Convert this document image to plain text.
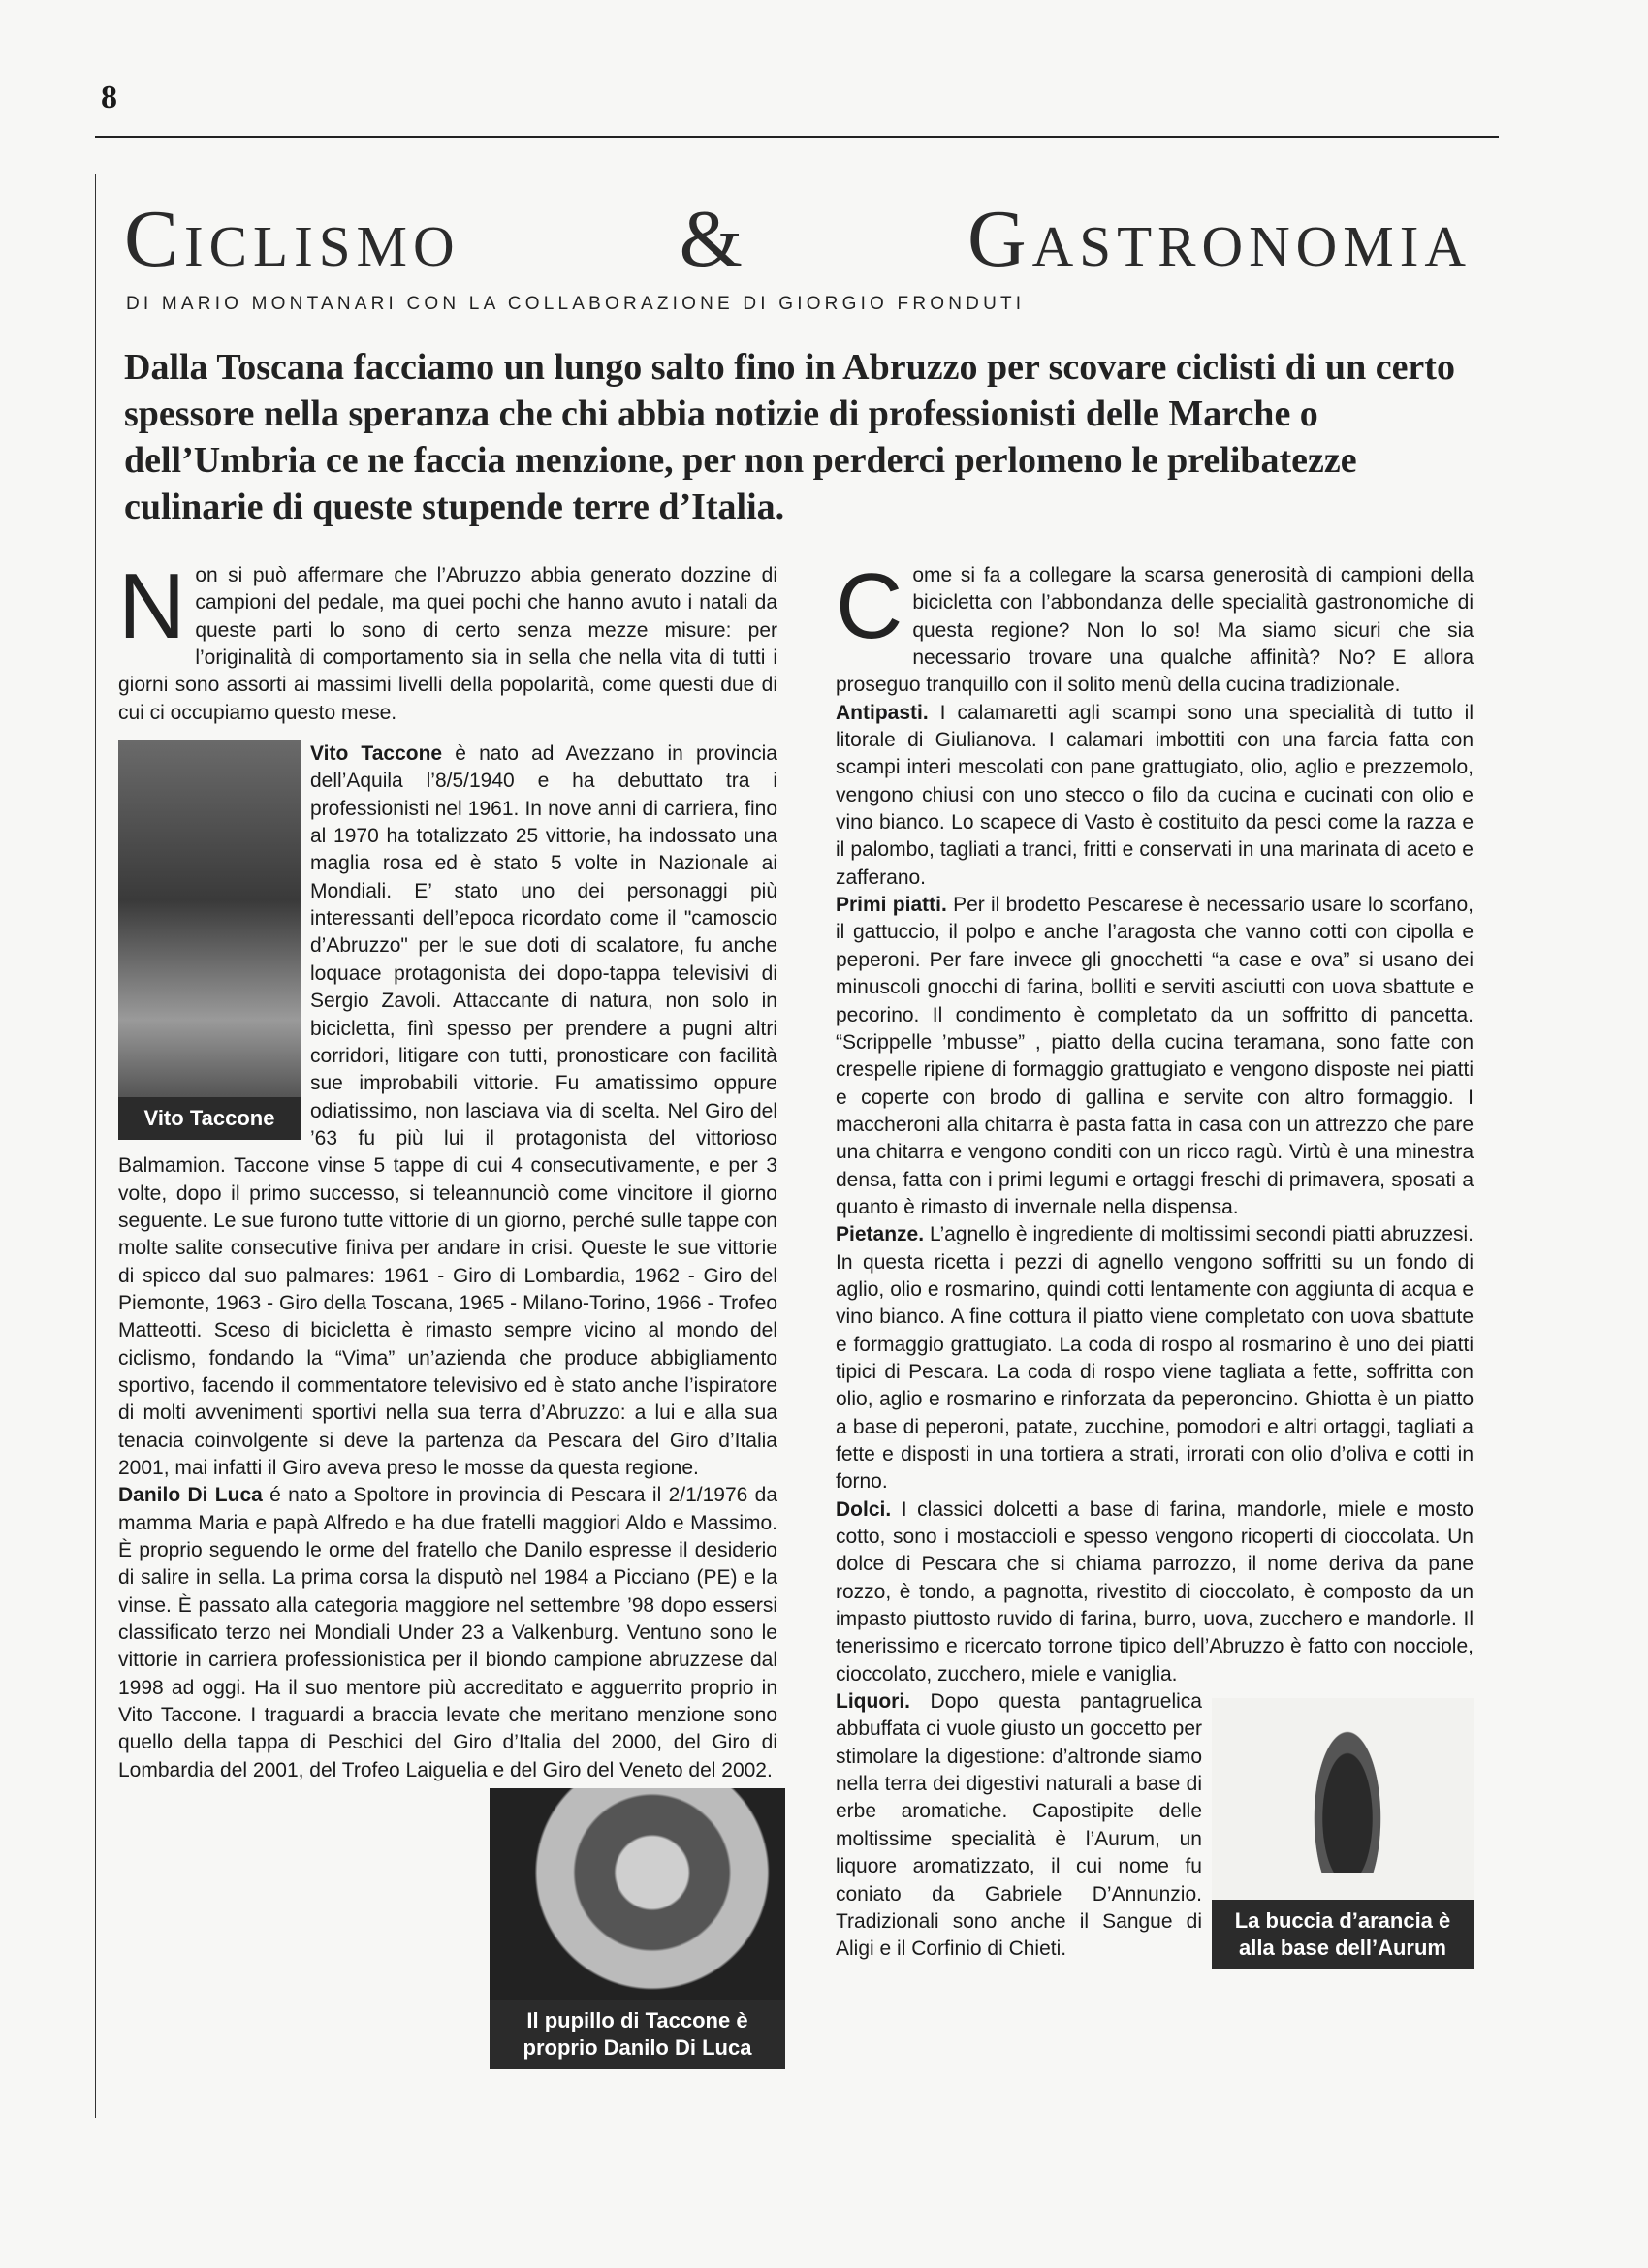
8
Ciclismo	&	Gastronomia
DI MARIO MONTANARI CON LA COLLABORAZIONE DI GIORGIO FRONDUTI
Dalla Toscana facciamo un lungo salto fino in Abruzzo per scovare ciclisti di un certo spessore nella speranza che chi abbia notizie di professionisti delle Marche o dell’Umbria ce ne faccia menzione, per non perderci perlomeno le prelibatezze culinarie di queste stupende terre d’Italia.

Non si può affermare che l’Abruzzo abbia generato dozzine di campioni del pedale, ma quei pochi che hanno avuto i natali da queste parti lo sono di certo senza mezze misure: per l’originalità di comportamento sia in sella che nella vita di tutti i giorni sono assorti ai massimi livelli della popolarità, come questi due di cui ci occupiamo questo mese.

Vito Taccone

Vito Taccone è nato ad Avezzano in provincia dell’Aquila l’8/5/1940 e ha debuttato tra i professionisti nel 1961. In nove anni di carriera, fino al 1970 ha totalizzato 25 vittorie, ha indossato una maglia rosa ed è stato 5 volte in Nazionale ai Mondiali. E’ stato uno dei personaggi più interessanti dell’epoca ricordato come il "camoscio d’Abruzzo" per le sue doti di scalatore, fu anche loquace protagonista dei dopo-tappa televisivi di Sergio Zavoli. Attaccante di natura, non solo in bicicletta, finì spesso per prendere a pugni altri corridori, litigare con tutti, pronosticare con facilità sue improbabili vittorie. Fu amatissimo oppure odiatissimo, non lasciava via di scelta. Nel Giro del ’63 fu più lui il protagonista del vittorioso Balmamion. Taccone vinse 5 tappe di cui 4 consecutivamente, e per 3 volte, dopo il primo successo, si teleannunciò come vincitore il giorno seguente. Le sue furono tutte vittorie di un giorno, perché sulle tappe con molte salite consecutive finiva per andare in crisi. Queste le sue vittorie di spicco dal suo palmares: 1961 - Giro di Lombardia, 1962 - Giro del Piemonte, 1963 - Giro della Toscana, 1965 - Milano-Torino, 1966 - Trofeo Matteotti. Sceso di bicicletta è rimasto sempre vicino al mondo del ciclismo, fondando la “Vima” un’azienda che produce abbigliamento sportivo, facendo il commentatore televisivo ed è stato anche l’ispiratore di molti avvenimenti sportivi nella sua terra d’Abruzzo: a lui e alla sua tenacia coinvolgente si deve la partenza da Pescara del Giro d’Italia 2001, mai infatti il Giro aveva preso le mosse da questa regione.

Danilo Di Luca é nato a Spoltore in provincia di Pescara il 2/1/1976 da mamma Maria e papà Alfredo e ha due fratelli maggiori Aldo e Massimo. È proprio seguendo le orme del fratello che Danilo espresse il desiderio di salire in sella. La prima corsa la disputò nel 1984 a Picciano (PE) e la vinse. È passato alla categoria maggiore nel settembre ’98 dopo essersi classificato terzo nei Mondiali Under 23 a Valkenburg. Ventuno sono le vittorie in carriera professionistica per il biondo campione abruzzese dal 1998 ad oggi. Ha il suo mentore più accreditato e agguerrito proprio in Vito Taccone. I traguardi a braccia levate che meritano menzione sono quello della tappa di Peschici del Giro d’Italia del 2000, del Giro di Lombardia del 2001, del Trofeo Laiguelia e del Giro del Veneto del 2002.

Come si fa a collegare la scarsa generosità di campioni della bicicletta con l’abbondanza delle specialità gastronomiche di questa regione? Non lo so! Ma siamo sicuri che sia necessario trovare una qualche affinità? No? E allora proseguo tranquillo con il solito menù della cucina tradizionale.

Antipasti. I calamaretti agli scampi sono una specialità di tutto il litorale di Giulianova. I calamari imbottiti con una farcia fatta con scampi interi mescolati con pane grattugiato, olio, aglio e prezzemolo, vengono chiusi con uno stecco o filo da cucina e cucinati con olio e vino bianco. Lo scapece di Vasto è costituito da pesci come la razza e il palombo, tagliati a tranci, fritti e conservati in una marinata di aceto e zafferano.

Primi piatti. Per il brodetto Pescarese è necessario usare lo scorfano, il gattuccio, il polpo e anche l’aragosta che vanno cotti con cipolla e peperoni. Per fare invece gli gnocchetti “a case e ova” si usano dei minuscoli gnocchi di farina, bolliti e serviti asciutti con uova sbattute e pecorino. Il condimento è completato da un soffritto di pancetta. “Scrippelle ’mbusse” , piatto della cucina teramana, sono fatte con crespelle ripiene di formaggio grattugiato e vengono disposte nei piatti e coperte con brodo di gallina e servite con altro formaggio. I maccheroni alla chitarra è pasta fatta in casa con un attrezzo che pare una chitarra e vengono conditi con un ricco ragù. Virtù è una minestra densa, fatta con i primi legumi e ortaggi freschi di primavera, sposati a quanto è rimasto di invernale nella dispensa.

Pietanze. L’agnello è ingrediente di moltissimi secondi piatti abruzzesi. In questa ricetta i pezzi di agnello vengono soffritti su un fondo di aglio, olio e rosmarino, quindi cotti lentamente con aggiunta di acqua e vino bianco. A fine cottura il piatto viene completato con uova sbattute e formaggio grattugiato. La coda di rospo al rosmarino è uno dei piatti tipici di Pescara. La coda di rospo viene tagliata a fette, soffritta con olio, aglio e rosmarino e rinforzata da peperoncino. Ghiotta è un piatto a base di peperoni, patate, zucchine, pomodori e altri ortaggi, tagliati a fette e disposti in una tortiera a strati, irrorati con olio d’oliva e cotti in forno.

Dolci. I classici dolcetti a base di farina, mandorle, miele e mosto cotto, sono i mostaccioli e spesso vengono ricoperti di cioccolata. Un dolce di Pescara che si chiama parrozzo, il nome deriva da pane rozzo, è tondo, a pagnotta, rivestito di cioccolato, è composto da un impasto piuttosto ruvido di farina, burro, uova, zucchero e mandorle. Il tenerissimo e ricercato torrone tipico dell’Abruzzo è fatto con nocciole, cioccolato, zucchero, miele e vaniglia.

La buccia d’arancia è alla base dell’Aurum

Liquori. Dopo questa pantagruelica abbuffata ci vuole giusto un goccetto per stimolare la digestione: d’altronde siamo nella terra dei digestivi naturali a base di erbe aromatiche. Capostipite delle moltissime specialità è l’Aurum, un liquore aromatizzato, il cui nome fu coniato da Gabriele D’Annunzio. Tradizionali sono anche il Sangue di Aligi e il Corfinio di Chieti.

Il pupillo di Taccone è proprio Danilo Di Luca
